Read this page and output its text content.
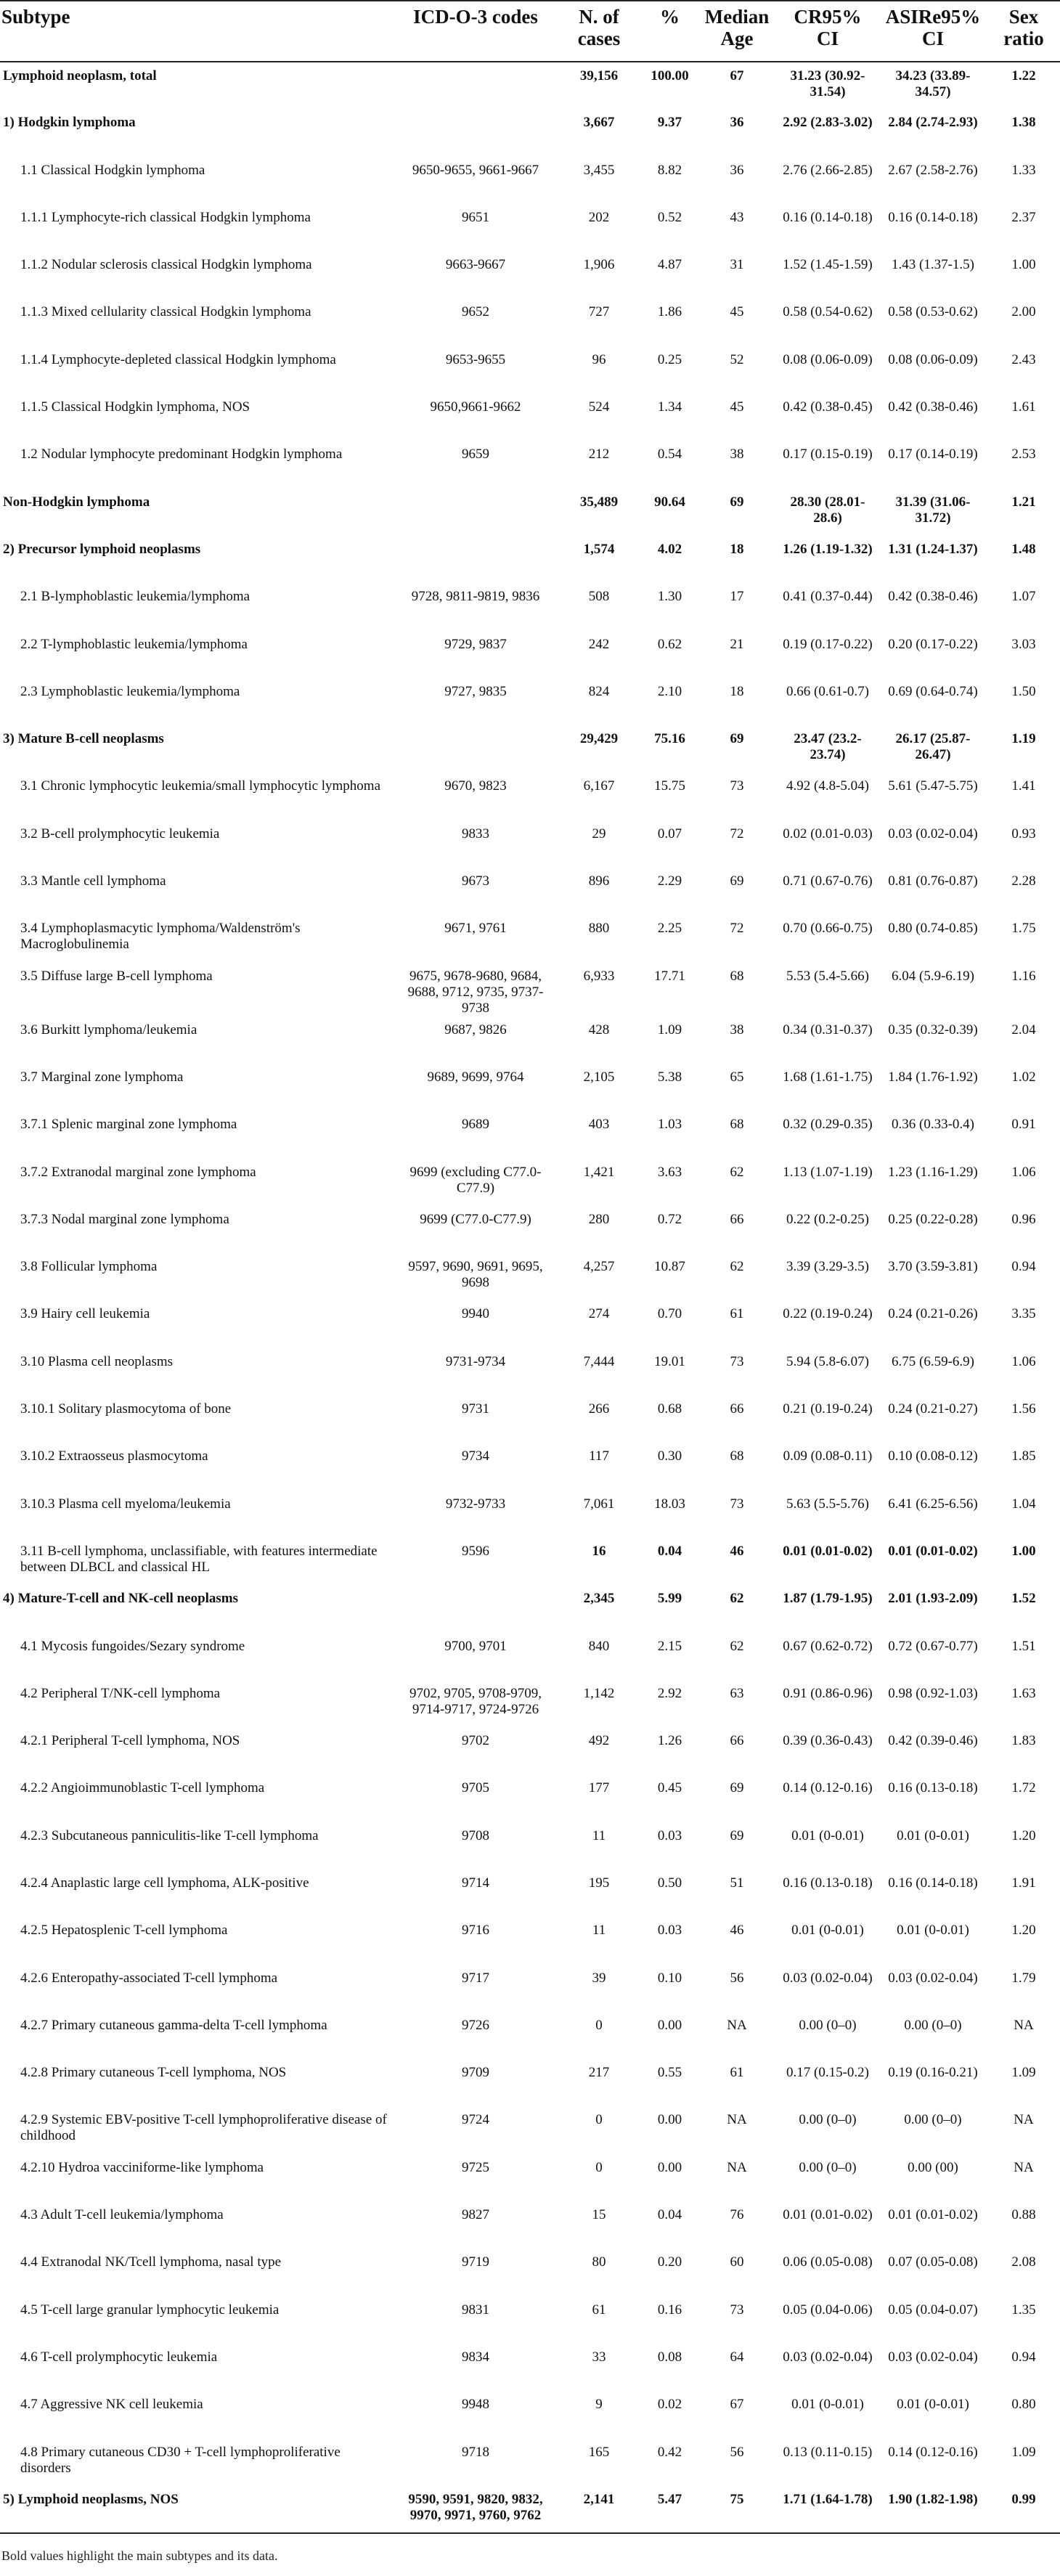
Subtype	ICD-O-3 codes	N. of cases	%	Median Age	CR95% CI	ASIRe95% CI	Sex ratio
Lymphoid neoplasm, total		39,156	100.00	67	31.23 (30.92-31.54)	34.23 (33.89-34.57)	1.22
1) Hodgkin lymphoma		3,667	9.37	36	2.92 (2.83-3.02)	2.84 (2.74-2.93)	1.38
1.1 Classical Hodgkin lymphoma	9650-9655, 9661-9667	3,455	8.82	36	2.76 (2.66-2.85)	2.67 (2.58-2.76)	1.33
1.1.1 Lymphocyte-rich classical Hodgkin lymphoma	9651	202	0.52	43	0.16 (0.14-0.18)	0.16 (0.14-0.18)	2.37
1.1.2 Nodular sclerosis classical Hodgkin lymphoma	9663-9667	1,906	4.87	31	1.52 (1.45-1.59)	1.43 (1.37-1.5)	1.00
1.1.3 Mixed cellularity classical Hodgkin lymphoma	9652	727	1.86	45	0.58 (0.54-0.62)	0.58 (0.53-0.62)	2.00
1.1.4 Lymphocyte-depleted classical Hodgkin lymphoma	9653-9655	96	0.25	52	0.08 (0.06-0.09)	0.08 (0.06-0.09)	2.43
1.1.5 Classical Hodgkin lymphoma, NOS	9650,9661-9662	524	1.34	45	0.42 (0.38-0.45)	0.42 (0.38-0.46)	1.61
1.2 Nodular lymphocyte predominant Hodgkin lymphoma	9659	212	0.54	38	0.17 (0.15-0.19)	0.17 (0.14-0.19)	2.53
Non-Hodgkin lymphoma		35,489	90.64	69	28.30 (28.01-28.6)	31.39 (31.06-31.72)	1.21
2) Precursor lymphoid neoplasms		1,574	4.02	18	1.26 (1.19-1.32)	1.31 (1.24-1.37)	1.48
2.1 B-lymphoblastic leukemia/lymphoma	9728, 9811-9819, 9836	508	1.30	17	0.41 (0.37-0.44)	0.42 (0.38-0.46)	1.07
2.2 T-lymphoblastic leukemia/lymphoma	9729, 9837	242	0.62	21	0.19 (0.17-0.22)	0.20 (0.17-0.22)	3.03
2.3 Lymphoblastic leukemia/lymphoma	9727, 9835	824	2.10	18	0.66 (0.61-0.7)	0.69 (0.64-0.74)	1.50
3) Mature B-cell neoplasms		29,429	75.16	69	23.47 (23.2-23.74)	26.17 (25.87-26.47)	1.19
3.1 Chronic lymphocytic leukemia/small lymphocytic lymphoma	9670, 9823	6,167	15.75	73	4.92 (4.8-5.04)	5.61 (5.47-5.75)	1.41
3.2 B-cell prolymphocytic leukemia	9833	29	0.07	72	0.02 (0.01-0.03)	0.03 (0.02-0.04)	0.93
3.3 Mantle cell lymphoma	9673	896	2.29	69	0.71 (0.67-0.76)	0.81 (0.76-0.87)	2.28
3.4 Lymphoplasmacytic lymphoma/Waldenström's Macroglobulinemia	9671, 9761	880	2.25	72	0.70 (0.66-0.75)	0.80 (0.74-0.85)	1.75
3.5 Diffuse large B-cell lymphoma	9675, 9678-9680, 9684, 9688, 9712, 9735, 9737-9738	6,933	17.71	68	5.53 (5.4-5.66)	6.04 (5.9-6.19)	1.16
3.6 Burkitt lymphoma/leukemia	9687, 9826	428	1.09	38	0.34 (0.31-0.37)	0.35 (0.32-0.39)	2.04
3.7 Marginal zone lymphoma	9689, 9699, 9764	2,105	5.38	65	1.68 (1.61-1.75)	1.84 (1.76-1.92)	1.02
3.7.1 Splenic marginal zone lymphoma	9689	403	1.03	68	0.32 (0.29-0.35)	0.36 (0.33-0.4)	0.91
3.7.2 Extranodal marginal zone lymphoma	9699 (excluding C77.0-C77.9)	1,421	3.63	62	1.13 (1.07-1.19)	1.23 (1.16-1.29)	1.06
3.7.3 Nodal marginal zone lymphoma	9699 (C77.0-C77.9)	280	0.72	66	0.22 (0.2-0.25)	0.25 (0.22-0.28)	0.96
3.8 Follicular lymphoma	9597, 9690, 9691, 9695, 9698	4,257	10.87	62	3.39 (3.29-3.5)	3.70 (3.59-3.81)	0.94
3.9 Hairy cell leukemia	9940	274	0.70	61	0.22 (0.19-0.24)	0.24 (0.21-0.26)	3.35
3.10 Plasma cell neoplasms	9731-9734	7,444	19.01	73	5.94 (5.8-6.07)	6.75 (6.59-6.9)	1.06
3.10.1 Solitary plasmocytoma of bone	9731	266	0.68	66	0.21 (0.19-0.24)	0.24 (0.21-0.27)	1.56
3.10.2 Extraosseus plasmocytoma	9734	117	0.30	68	0.09 (0.08-0.11)	0.10 (0.08-0.12)	1.85
3.10.3 Plasma cell myeloma/leukemia	9732-9733	7,061	18.03	73	5.63 (5.5-5.76)	6.41 (6.25-6.56)	1.04
3.11 B-cell lymphoma, unclassifiable, with features intermediate between DLBCL and classical HL	9596	16	0.04	46	0.01 (0.01-0.02)	0.01 (0.01-0.02)	1.00
4) Mature-T-cell and NK-cell neoplasms		2,345	5.99	62	1.87 (1.79-1.95)	2.01 (1.93-2.09)	1.52
4.1 Mycosis fungoides/Sezary syndrome	9700, 9701	840	2.15	62	0.67 (0.62-0.72)	0.72 (0.67-0.77)	1.51
4.2 Peripheral T/NK-cell lymphoma	9702, 9705, 9708-9709, 9714-9717, 9724-9726	1,142	2.92	63	0.91 (0.86-0.96)	0.98 (0.92-1.03)	1.63
4.2.1 Peripheral T-cell lymphoma, NOS	9702	492	1.26	66	0.39 (0.36-0.43)	0.42 (0.39-0.46)	1.83
4.2.2 Angioimmunoblastic T-cell lymphoma	9705	177	0.45	69	0.14 (0.12-0.16)	0.16 (0.13-0.18)	1.72
4.2.3 Subcutaneous panniculitis-like T-cell lymphoma	9708	11	0.03	69	0.01 (0-0.01)	0.01 (0-0.01)	1.20
4.2.4 Anaplastic large cell lymphoma, ALK-positive	9714	195	0.50	51	0.16 (0.13-0.18)	0.16 (0.14-0.18)	1.91
4.2.5 Hepatosplenic T-cell lymphoma	9716	11	0.03	46	0.01 (0-0.01)	0.01 (0-0.01)	1.20
4.2.6 Enteropathy-associated T-cell lymphoma	9717	39	0.10	56	0.03 (0.02-0.04)	0.03 (0.02-0.04)	1.79
4.2.7 Primary cutaneous gamma-delta T-cell lymphoma	9726	0	0.00	NA	0.00 (0–0)	0.00 (0–0)	NA
4.2.8 Primary cutaneous T-cell lymphoma, NOS	9709	217	0.55	61	0.17 (0.15-0.2)	0.19 (0.16-0.21)	1.09
4.2.9 Systemic EBV-positive T-cell lymphoproliferative disease of childhood	9724	0	0.00	NA	0.00 (0–0)	0.00 (0–0)	NA
4.2.10 Hydroa vacciniforme-like lymphoma	9725	0	0.00	NA	0.00 (0–0)	0.00 (00)	NA
4.3 Adult T-cell leukemia/lymphoma	9827	15	0.04	76	0.01 (0.01-0.02)	0.01 (0.01-0.02)	0.88
4.4 Extranodal NK/Tcell lymphoma, nasal type	9719	80	0.20	60	0.06 (0.05-0.08)	0.07 (0.05-0.08)	2.08
4.5 T-cell large granular lymphocytic leukemia	9831	61	0.16	73	0.05 (0.04-0.06)	0.05 (0.04-0.07)	1.35
4.6 T-cell prolymphocytic leukemia	9834	33	0.08	64	0.03 (0.02-0.04)	0.03 (0.02-0.04)	0.94
4.7 Aggressive NK cell leukemia	9948	9	0.02	67	0.01 (0-0.01)	0.01 (0-0.01)	0.80
4.8 Primary cutaneous CD30 + T-cell lymphoproliferative disorders	9718	165	0.42	56	0.13 (0.11-0.15)	0.14 (0.12-0.16)	1.09
5) Lymphoid neoplasms, NOS	9590, 9591, 9820, 9832, 9970, 9971, 9760, 9762	2,141	5.47	75	1.71 (1.64-1.78)	1.90 (1.82-1.98)	0.99
Bold values highlight the main subtypes and its data.
